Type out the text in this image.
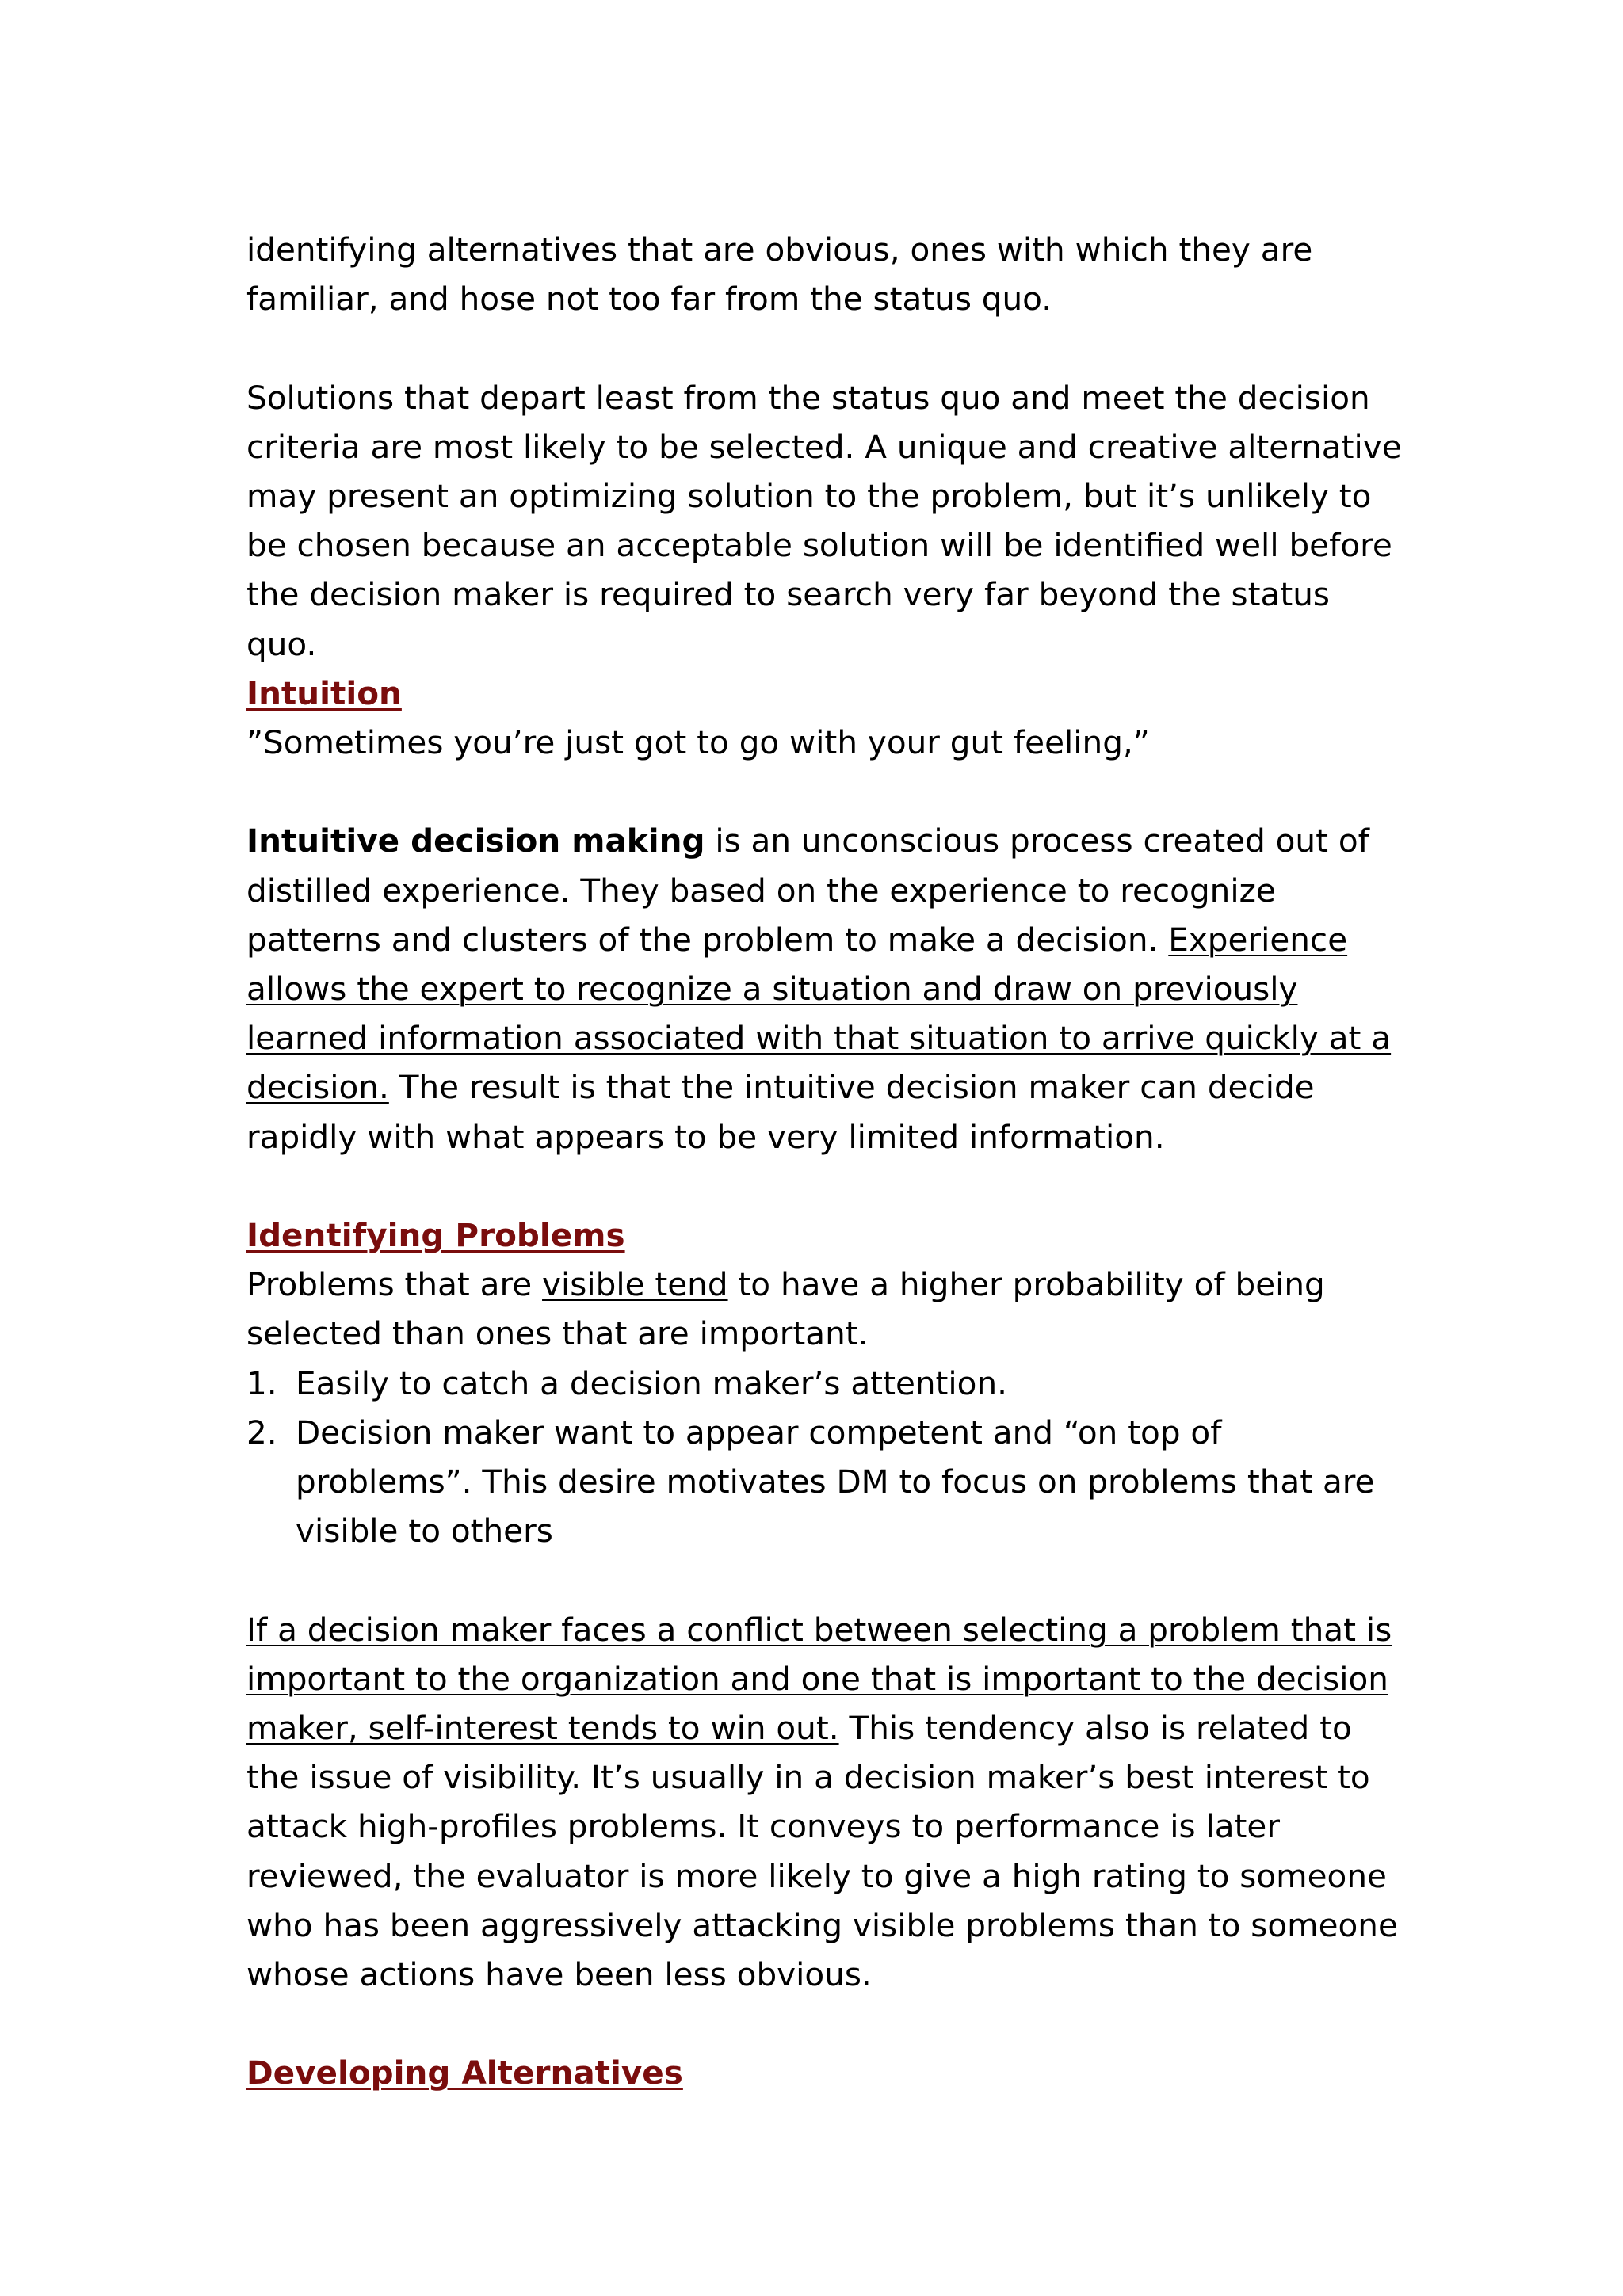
identifying alternatives that are obvious, ones with which they are familiar, and hose not too far from the status quo.

Solutions that depart least from the status quo and meet the decision criteria are most likely to be selected. A unique and creative alternative may present an optimizing solution to the problem, but it’s unlikely to be chosen because an acceptable solution will be identified well before the decision maker is required to search very far beyond the status quo.

Intuition

”Sometimes you’re just got to go with your gut feeling,”

Intuitive decision making is an unconscious process created out of distilled experience. They based on the experience to recognize patterns and clusters of the problem to make a decision. Experience allows the expert to recognize a situation and draw on previously learned information associated with that situation to arrive quickly at a decision. The result is that the intuitive decision maker can decide rapidly with what appears to be very limited information.

Identifying Problems

Problems that are visible tend to have a higher probability of being selected than ones that are important.

1. Easily to catch a decision maker’s attention.
2. Decision maker want to appear competent and “on top of problems”. This desire motivates DM to focus on problems that are visible to others

If a decision maker faces a conflict between selecting a problem that is important to the organization and one that is important to the decision maker, self-interest tends to win out. This tendency also is related to the issue of visibility. It’s usually in a decision maker’s best interest to attack high-profiles problems. It conveys to performance is later reviewed, the evaluator is more likely to give a high rating to someone who has been aggressively attacking visible problems than to someone whose actions have been less obvious.

Developing Alternatives
